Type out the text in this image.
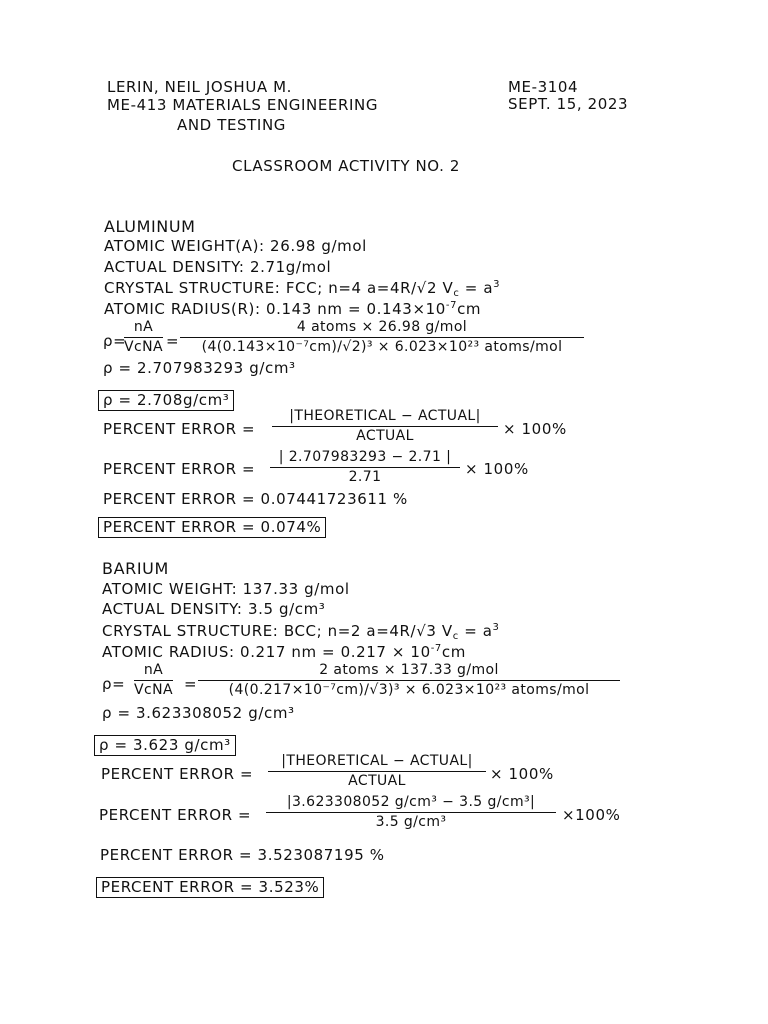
LERIN, NEIL JOSHUA M.
ME-413 MATERIALS ENGINEERING
AND TESTING
ME-3104
SEPT. 15, 2023
CLASSROOM ACTIVITY NO. 2
ALUMINUM
ATOMIC WEIGHT(A): 26.98 g/mol
ACTUAL DENSITY: 2.71g/mol
CRYSTAL STRUCTURE: FCC; n=4 a=4R/√2 $V_c = a^3$
ATOMIC RADIUS(R): 0.143 nm = $0.143\times 10^{-7}cm$
ρ=
nA
VcNA =
4 atoms × 26.98 g/mol
(4(0.143×10⁻⁷cm)/√2)³ × 6.023×10²³ atoms/mol
ρ = 2.707983293 g/cm³
ρ = 2.708g/cm³
PERCENT ERROR =
|THEORETICAL − ACTUAL|
ACTUAL	× 100%
PERCENT ERROR =
| 2.707983293 − 2.71 |
2.71	× 100%
PERCENT ERROR = 0.07441723611 %
PERCENT ERROR = 0.074%
BARIUM
ATOMIC WEIGHT: 137.33 g/mol
ACTUAL DENSITY: 3.5 g/cm³
CRYSTAL STRUCTURE: BCC; n=2 a=4R/√3 $V_c = a^3$
ATOMIC RADIUS: 0.217 nm = $0.217 \times 10^{-7}cm$
ρ=
nA
VcNA =
2 atoms × 137.33 g/mol
(4(0.217×10⁻⁷cm)/√3)³ × 6.023×10²³ atoms/mol
ρ = 3.623308052 g/cm³
ρ = 3.623 g/cm³
PERCENT ERROR =
|THEORETICAL − ACTUAL|
ACTUAL	× 100%
PERCENT ERROR =
|3.623308052 g/cm³ − 3.5 g/cm³|
3.5 g/cm³	×100%
PERCENT ERROR = 3.523087195 %
PERCENT ERROR = 3.523%
